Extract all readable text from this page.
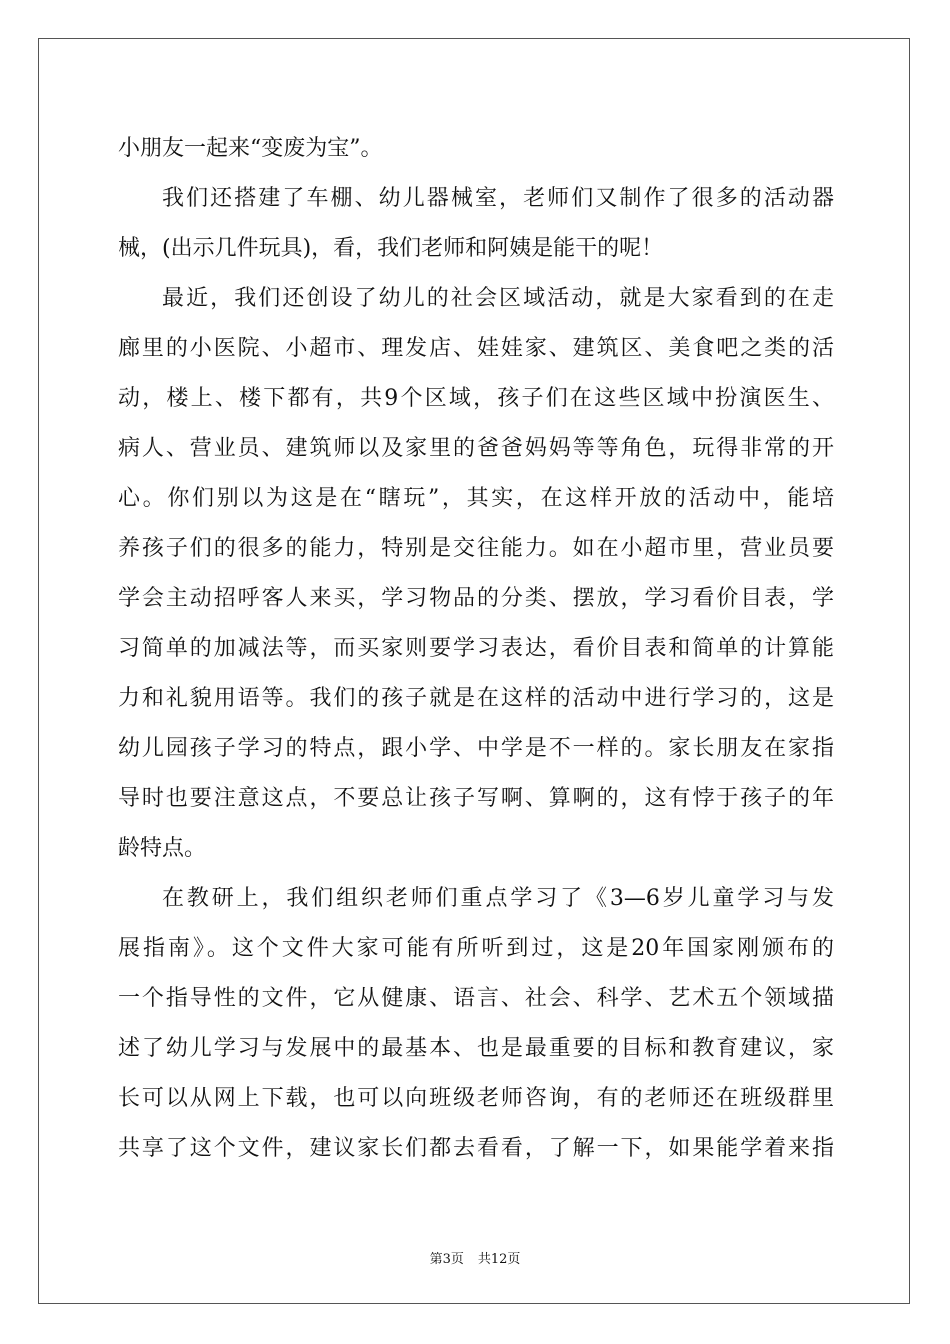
小朋友一起来“变废为宝”。
我们还搭建了车棚、幼儿器械室，老师们又制作了很多的活动器
械，(出示几件玩具)，看，我们老师和阿姨是能干的呢！
最近，我们还创设了幼儿的社会区域活动，就是大家看到的在走
廊里的小医院、小超市、理发店、娃娃家、建筑区、美食吧之类的活
动，楼上、楼下都有，共9个区域，孩子们在这些区域中扮演医生、
病人、营业员、建筑师以及家里的爸爸妈妈等等角色，玩得非常的开
心。你们别以为这是在“瞎玩”，其实，在这样开放的活动中，能培
养孩子们的很多的能力，特别是交往能力。如在小超市里，营业员要
学会主动招呼客人来买，学习物品的分类、摆放，学习看价目表，学
习简单的加减法等，而买家则要学习表达，看价目表和简单的计算能
力和礼貌用语等。我们的孩子就是在这样的活动中进行学习的，这是
幼儿园孩子学习的特点，跟小学、中学是不一样的。家长朋友在家指
导时也要注意这点，不要总让孩子写啊、算啊的，这有悖于孩子的年
龄特点。
在教研上，我们组织老师们重点学习了《3—6岁儿童学习与发
展指南》。这个文件大家可能有所听到过，这是20年国家刚颁布的
一个指导性的文件，它从健康、语言、社会、科学、艺术五个领域描
述了幼儿学习与发展中的最基本、也是最重要的目标和教育建议，家
长可以从网上下载，也可以向班级老师咨询，有的老师还在班级群里
共享了这个文件，建议家长们都去看看，了解一下，如果能学着来指
第3页 共12页
